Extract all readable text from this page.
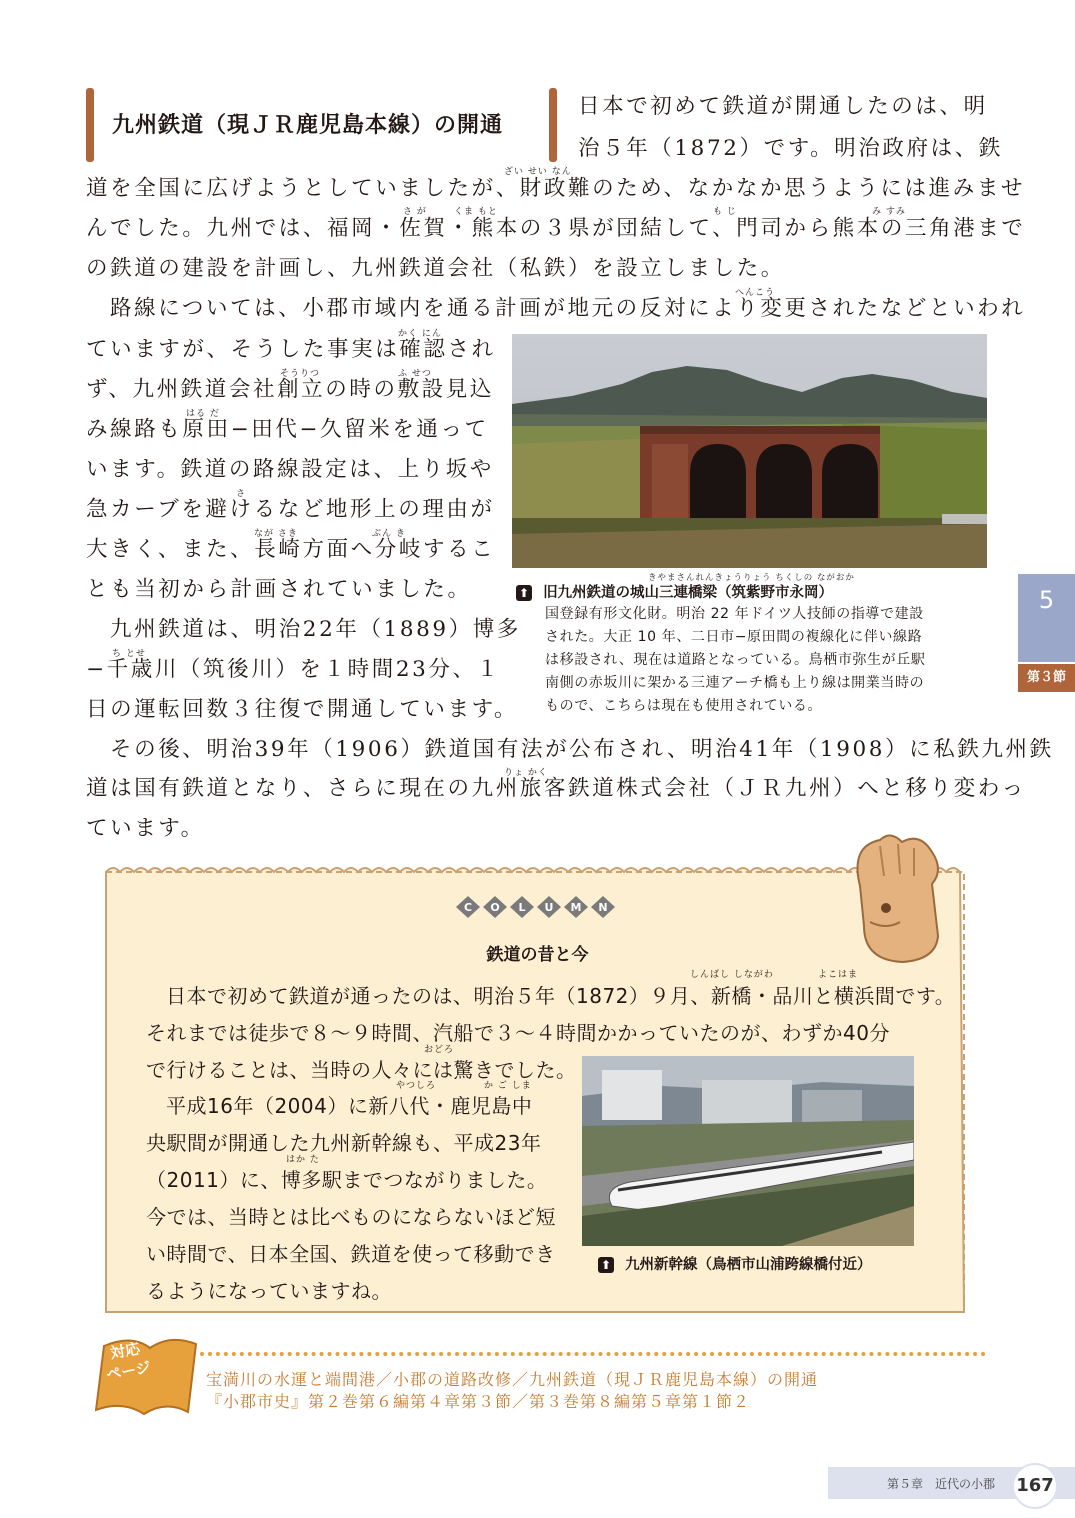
九州鉄道（現ＪＲ鹿児島本線）の開通
日本で初めて鉄道が開通したのは、明
治５年（1872）です。明治政府は、鉄
ざい せい なん
道を全国に広げようとしていましたが、財政難のため、なかなか思うようには進みませ
さ が	くま もと	も じ	み すみ
んでした。九州では、福岡・佐賀・熊本の３県が団結して、門司から熊本の三角港まで
の鉄道の建設を計画し、九州鉄道会社（私鉄）を設立しました。
へんこう
路線については、小郡市域内を通る計画が地元の反対により変更されたなどといわれ
かく にん
ていますが、そうした事実は確認され
そうりつ	ふ せつ
ず、九州鉄道会社創立の時の敷設見込
はる だ
み線路も原田−田代−久留米を通って
います。鉄道の路線設定は、上り坂や
さ
急カーブを避けるなど地形上の理由が
なが さき	ぶん き
大きく、また、長崎方面へ分岐するこ
とも当初から計画されていました。
九州鉄道は、明治22年（1889）博多
ち とせ
−千歳川（筑後川）を１時間23分、１
日の運転回数３往復で開通しています。
きやまさんれんきょうりょう ちくしの ながおか
⬆ 旧九州鉄道の城山三連橋梁（筑紫野市永岡）
国登録有形文化財。明治 22 年ドイツ人技師の指導で建設
された。大正 10 年、二日市−原田間の複線化に伴い線路
は移設され、現在は道路となっている。鳥栖市弥生が丘駅
南側の赤坂川に架かる三連アーチ橋も上り線は開業当時の
もので、こちらは現在も使用されている。
5
第３節
その後、明治39年（1906）鉄道国有法が公布され、明治41年（1908）に私鉄九州鉄
りょ かく
道は国有鉄道となり、さらに現在の九州旅客鉄道株式会社（ＪＲ九州）へと移り変わっ
ています。
C O L U M N
鉄道の昔と今
しんばし しながわ	よこはま
日本で初めて鉄道が通ったのは、明治５年（1872）９月、新橋・品川と横浜間です。
それまでは徒歩で８〜９時間、汽船で３〜４時間かかっていたのが、わずか40分
おどろ
で行けることは、当時の人々には驚きでした。
やつしろ	か ご しま
平成16年（2004）に新八代・鹿児島中
央駅間が開通した九州新幹線も、平成23年
はか た
（2011）に、博多駅までつながりました。
今では、当時とは比べものにならないほど短
い時間で、日本全国、鉄道を使って移動でき
るようになっていますね。
⬆ 九州新幹線（鳥栖市山浦跨線橋付近）
対応
ページ	宝満川の水運と端間港／小郡の道路改修／九州鉄道（現ＪＲ鹿児島本線）の開通
『小郡市史』第２巻第６編第４章第３節／第３巻第８編第５章第１節２
第５章　近代の小郡 167
